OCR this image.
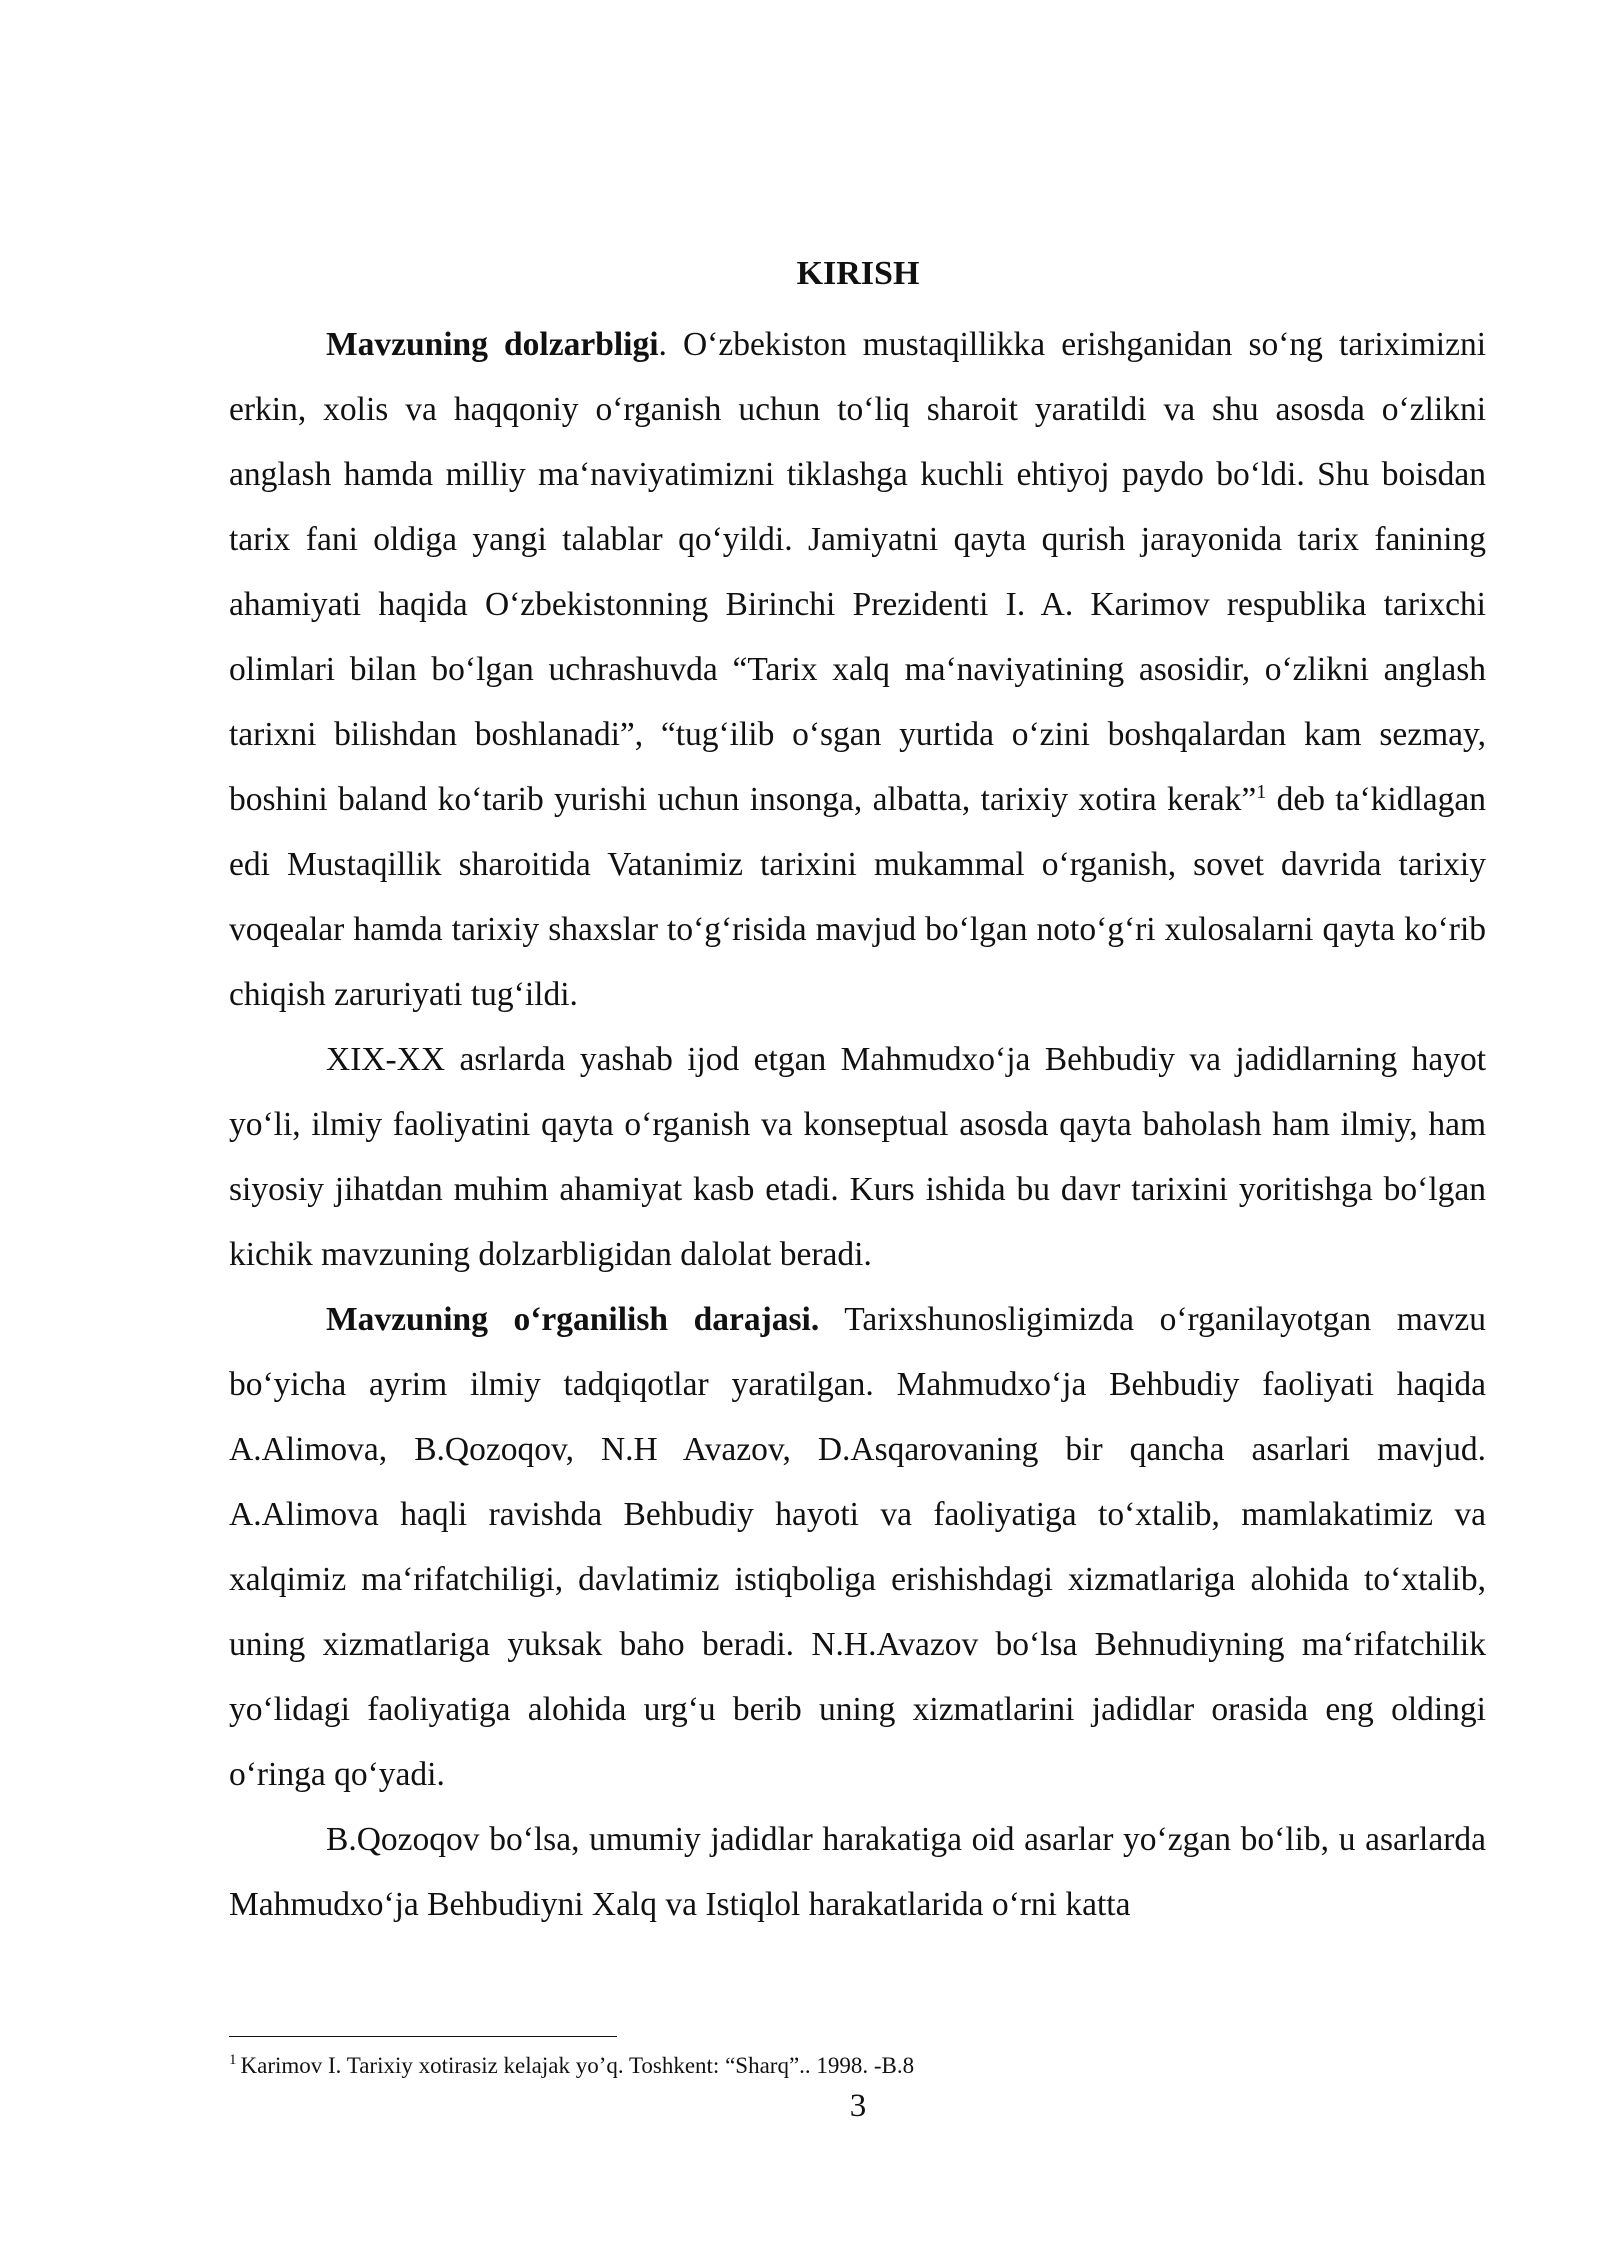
KIRISH

Mavzuning dolzarbligi. O‘zbekiston mustaqillikka erishganidan so‘ng tariximizni erkin, xolis va haqqoniy o‘rganish uchun to‘liq sharoit yaratildi va shu asosda o‘zlikni anglash hamda milliy ma‘naviyatimizni tiklashga kuchli ehtiyoj paydo bo‘ldi. Shu boisdan tarix fani oldiga yangi talablar qo‘yildi. Jamiyatni qayta qurish jarayonida tarix fanining ahamiyati haqida O‘zbekistonning Birinchi Prezidenti I. A. Karimov respublika tarixchi olimlari bilan bo‘lgan uchrashuvda “Tarix xalq ma‘naviyatining asosidir, o‘zlikni anglash tarixni bilishdan boshlanadi”, “tug‘ilib o‘sgan yurtida o‘zini boshqalardan kam sezmay, boshini baland ko‘tarib yurishi uchun insonga, albatta, tarixiy xotira kerak”$^1$ deb ta‘kidlagan edi Mustaqillik sharoitida Vatanimiz tarixini mukammal o‘rganish, sovet davrida tarixiy voqealar hamda tarixiy shaxslar to‘g‘risida mavjud bo‘lgan noto‘g‘ri xulosalarni qayta ko‘rib chiqish zaruriyati tug‘ildi.

XIX-XX asrlarda yashab ijod etgan Mahmudxo‘ja Behbudiy va jadidlarning hayot yo‘li, ilmiy faoliyatini qayta o‘rganish va konseptual asosda qayta baholash ham ilmiy, ham siyosiy jihatdan muhim ahamiyat kasb etadi. Kurs ishida bu davr tarixini yoritishga bo‘lgan kichik mavzuning dolzarbligidan dalolat beradi.

Mavzuning o‘rganilish darajasi. Tarixshunosligimizda o‘rganilayotgan mavzu bo‘yicha ayrim ilmiy tadqiqotlar yaratilgan. Mahmudxo‘ja Behbudiy faoliyati haqida A.Alimova, B.Qozoqov, N.H Avazov, D.Asqarovaning bir qancha asarlari mavjud. A.Alimova haqli ravishda Behbudiy hayoti va faoliyatiga to‘xtalib, mamlakatimiz va xalqimiz ma‘rifatchiligi, davlatimiz istiqboliga erishishdagi xizmatlariga alohida to‘xtalib, uning xizmatlariga yuksak baho beradi. N.H.Avazov bo‘lsa Behnudiyning ma‘rifatchilik yo‘lidagi faoliyatiga alohida urg‘u berib uning xizmatlarini jadidlar orasida eng oldingi o‘ringa qo‘yadi.

B.Qozoqov bo‘lsa, umumiy jadidlar harakatiga oid asarlar yo‘zgan bo‘lib, u asarlarda Mahmudxo‘ja Behbudiyni Xalq va Istiqlol harakatlarida o‘rni katta

$^1$ Karimov I. Tarixiy xotirasiz kelajak yo’q. Toshkent: “Sharq”.. 1998. -B.8

3
